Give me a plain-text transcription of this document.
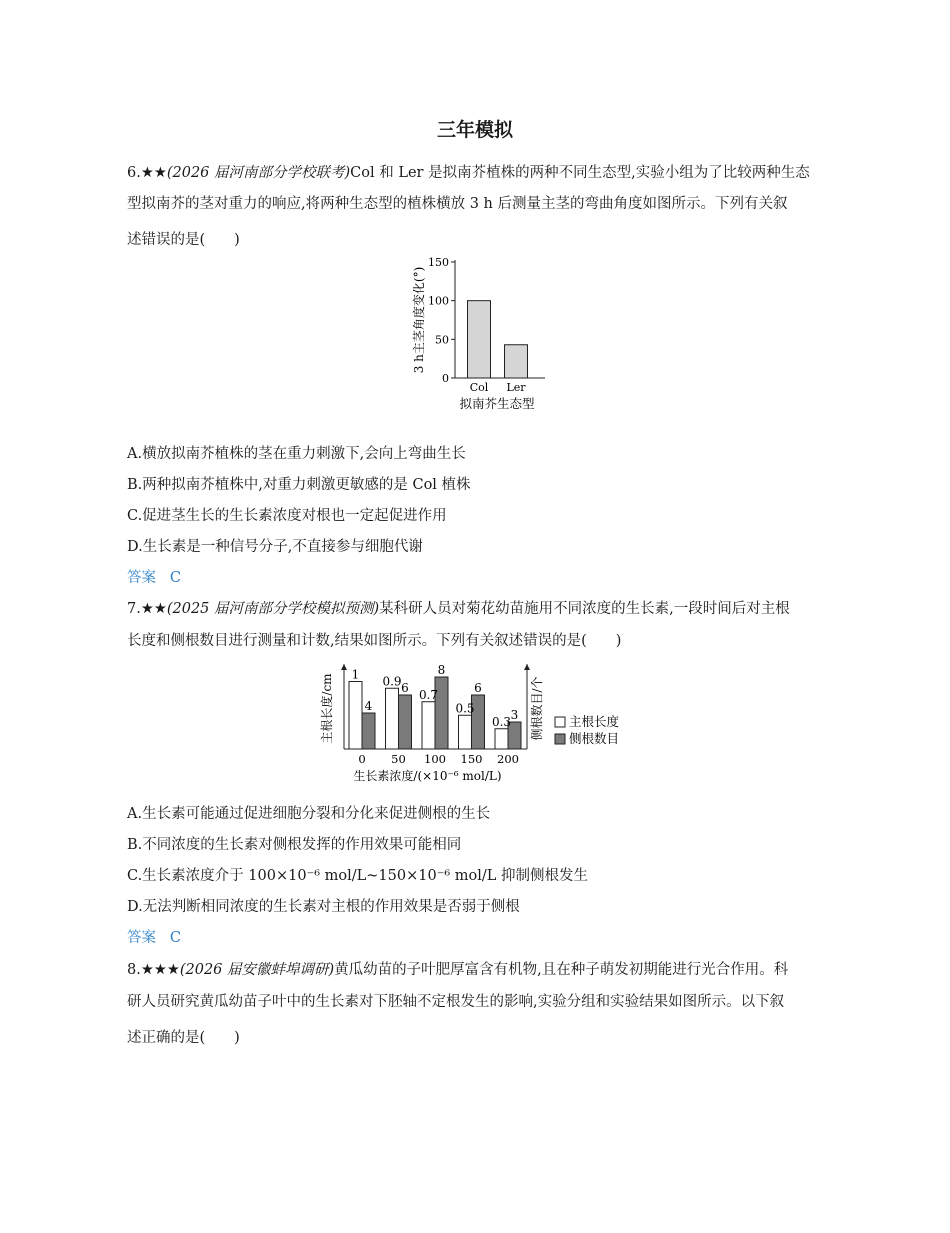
三年模拟
6.★★(2026 届河南部分学校联考)Col 和 Ler 是拟南芥植株的两种不同生态型,实验小组为了比较两种生态
型拟南芥的茎对重力的响应,将两种生态型的植株横放 3 h 后测量主茎的弯曲角度如图所示。下列有关叙
述错误的是(　　)
0
50
100
150
Col Ler
3 h主茎角度变化(°)
拟南芥生态型
A.横放拟南芥植株的茎在重力刺激下,会向上弯曲生长
B.两种拟南芥植株中,对重力刺激更敏感的是 Col 植株
C.促进茎生长的生长素浓度对根也一定起促进作用
D.生长素是一种信号分子,不直接参与细胞代谢
答案 C
7.★★(2025 届河南部分学校模拟预测)某科研人员对菊花幼苗施用不同浓度的生长素,一段时间后对主根
长度和侧根数目进行测量和计数,结果如图所示。下列有关叙述错误的是(　　)
1
4
0
0.9 6
50
0.7
8
100
0.5
6
150
0.3 3
200
主根长度/cm	侧根数目/个
生长素浓度/(×10⁻⁶ mol/L)
主根长度
侧根数目
A.生长素可能通过促进细胞分裂和分化来促进侧根的生长
B.不同浓度的生长素对侧根发挥的作用效果可能相同
C.生长素浓度介于 100×10⁻⁶ mol/L~150×10⁻⁶ mol/L 抑制侧根发生
D.无法判断相同浓度的生长素对主根的作用效果是否弱于侧根
答案 C
8.★★★(2026 届安徽蚌埠调研)黄瓜幼苗的子叶肥厚富含有机物,且在种子萌发初期能进行光合作用。科
研人员研究黄瓜幼苗子叶中的生长素对下胚轴不定根发生的影响,实验分组和实验结果如图所示。以下叙
述正确的是(　　)
